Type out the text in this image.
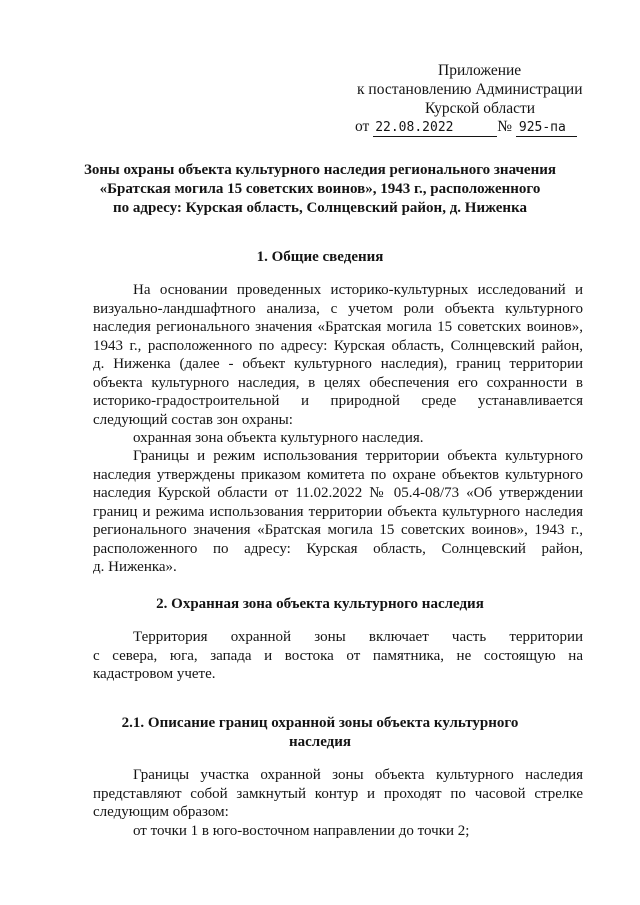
Приложение
к постановлению Администрации
Курской области
от 22.08.2022	№ 925-па
Зоны охраны объекта культурного наследия регионального значения
«Братская могила 15 советских воинов», 1943 г., расположенного
по адресу: Курская область, Солнцевский район, д. Ниженка
1. Общие сведения
На основании проведенных историко-культурных исследований и
визуально-ландшафтного анализа, с учетом роли объекта культурного
наследия регионального значения «Братская могила 15 советских воинов»,
1943 г., расположенного по адресу: Курская область, Солнцевский район,
д. Ниженка (далее - объект культурного наследия), границ территории
объекта культурного наследия, в целях обеспечения его сохранности в
историко-градостроительной и природной среде устанавливается
следующий состав зон охраны:
охранная зона объекта культурного наследия.
Границы и режим использования территории объекта культурного
наследия утверждены приказом комитета по охране объектов культурного
наследия Курской области от 11.02.2022 № 05.4-08/73 «Об утверждении
границ и режима использования территории объекта культурного наследия
регионального значения «Братская могила 15 советских воинов», 1943 г.,
расположенного по адресу: Курская область, Солнцевский район,
д. Ниженка».
2. Охранная зона объекта культурного наследия
Территория охранной зоны включает часть территории
с севера, юга, запада и востока от памятника, не состоящую на
кадастровом учете.
2.1. Описание границ охранной зоны объекта культурного
наследия
Границы участка охранной зоны объекта культурного наследия
представляют собой замкнутый контур и проходят по часовой стрелке
следующим образом:
от точки 1 в юго-восточном направлении до точки 2;
